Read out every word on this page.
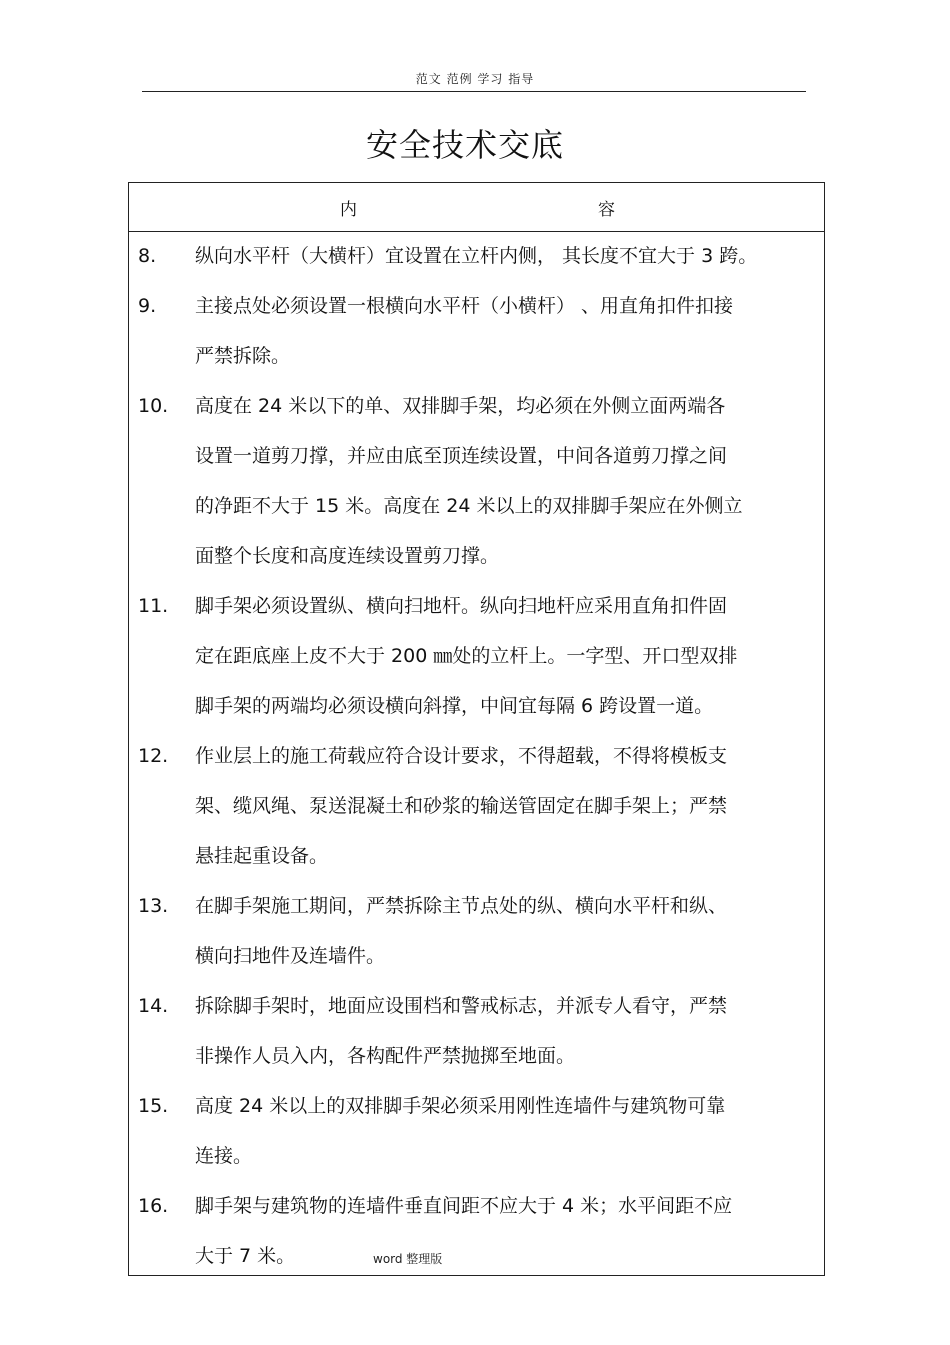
范文 范例 学习 指导
安全技术交底
内	容
8. 纵向水平杆（大横杆）宜设置在立杆内侧， 其长度不宜大于 3 跨。
9. 主接点处必须设置一根横向水平杆（小横杆） 、用直角扣件扣接
严禁拆除。
10. 高度在 24 米以下的单、双排脚手架，均必须在外侧立面两端各
设置一道剪刀撑，并应由底至顶连续设置，中间各道剪刀撑之间
的净距不大于 15 米。高度在 24 米以上的双排脚手架应在外侧立
面整个长度和高度连续设置剪刀撑。
11. 脚手架必须设置纵、横向扫地杆。纵向扫地杆应采用直角扣件固
定在距底座上皮不大于 200 ㎜处的立杆上。一字型、开口型双排
脚手架的两端均必须设横向斜撑，中间宜每隔 6 跨设置一道。
12. 作业层上的施工荷载应符合设计要求，不得超载，不得将模板支
架、缆风绳、泵送混凝土和砂浆的输送管固定在脚手架上；严禁
悬挂起重设备。
13. 在脚手架施工期间，严禁拆除主节点处的纵、横向水平杆和纵、
横向扫地件及连墙件。
14. 拆除脚手架时，地面应设围档和警戒标志，并派专人看守，严禁
非操作人员入内，各构配件严禁抛掷至地面。
15. 高度 24 米以上的双排脚手架必须采用刚性连墙件与建筑物可靠
连接。
16. 脚手架与建筑物的连墙件垂直间距不应大于 4 米；水平间距不应
大于 7 米。	word 整理版
